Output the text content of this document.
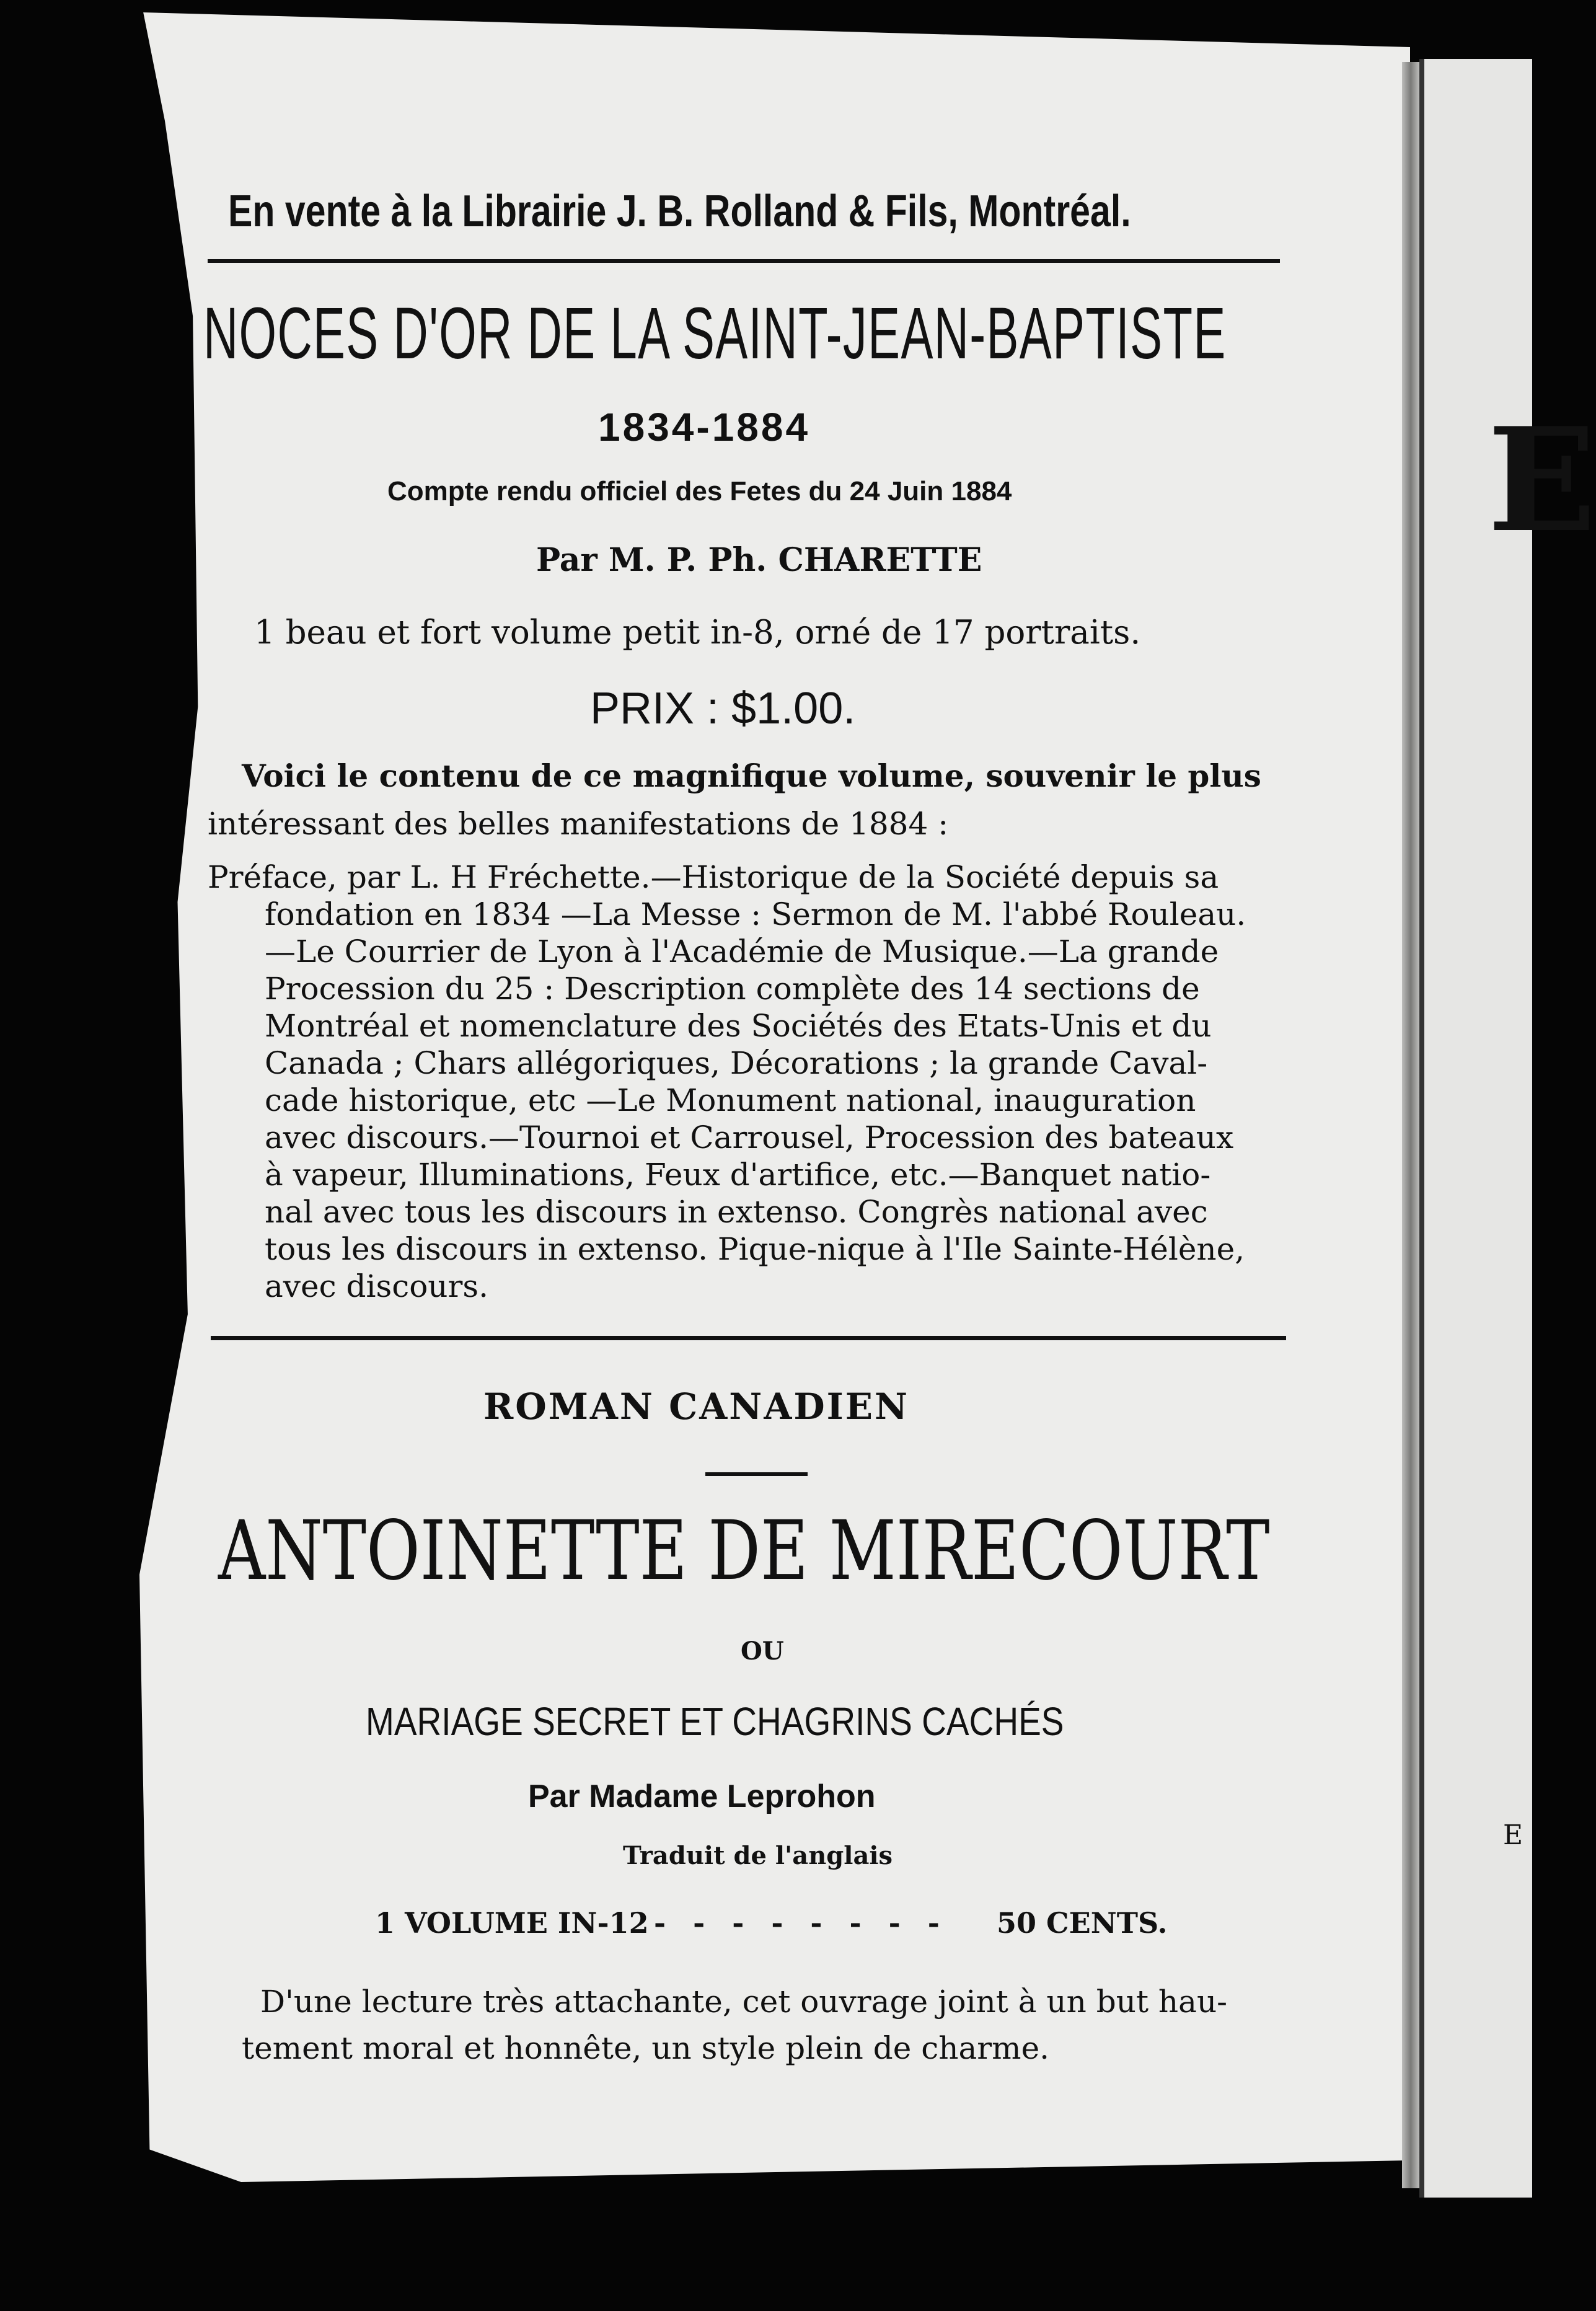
E
E
En vente à la Librairie J. B. Rolland & Fils, Montréal.
NOCES D'OR DE LA SAINT-JEAN-BAPTISTE
1834-1884
Compte rendu officiel des Fetes du 24 Juin 1884
Par M. P. Ph. CHARETTE
1 beau et fort volume petit in-8, orné de 17 portraits.
PRIX : $1.00.
Voici le contenu de ce magnifique volume, souvenir le plus
intéressant des belles manifestations de 1884 :
Préface, par L. H Fréchette.—Historique de la Société depuis sa
fondation en 1834 —La Messe : Sermon de M. l'abbé Rouleau.
—Le Courrier de Lyon à l'Académie de Musique.—La grande
Procession du 25 : Description complète des 14 sections de
Montréal et nomenclature des Sociétés des Etats-Unis et du
Canada ; Chars allégoriques, Décorations ; la grande Caval-
cade historique, etc —Le Monument national, inauguration
avec discours.—Tournoi et Carrousel, Procession des bateaux
à vapeur, Illuminations, Feux d'artifice, etc.—Banquet natio-
nal avec tous les discours in extenso. Congrès national avec
tous les discours in extenso. Pique-nique à l'Ile Sainte-Hélène,
avec discours.
ROMAN CANADIEN
ANTOINETTE DE MIRECOURT
OU
MARIAGE SECRET ET CHAGRINS CACHÉS
Par Madame Leprohon
Traduit de l'anglais
1 VOLUME IN-12 - - - - - - - - 50 CENTS.
D'une lecture très attachante, cet ouvrage joint à un but hau-
tement moral et honnête, un style plein de charme.
